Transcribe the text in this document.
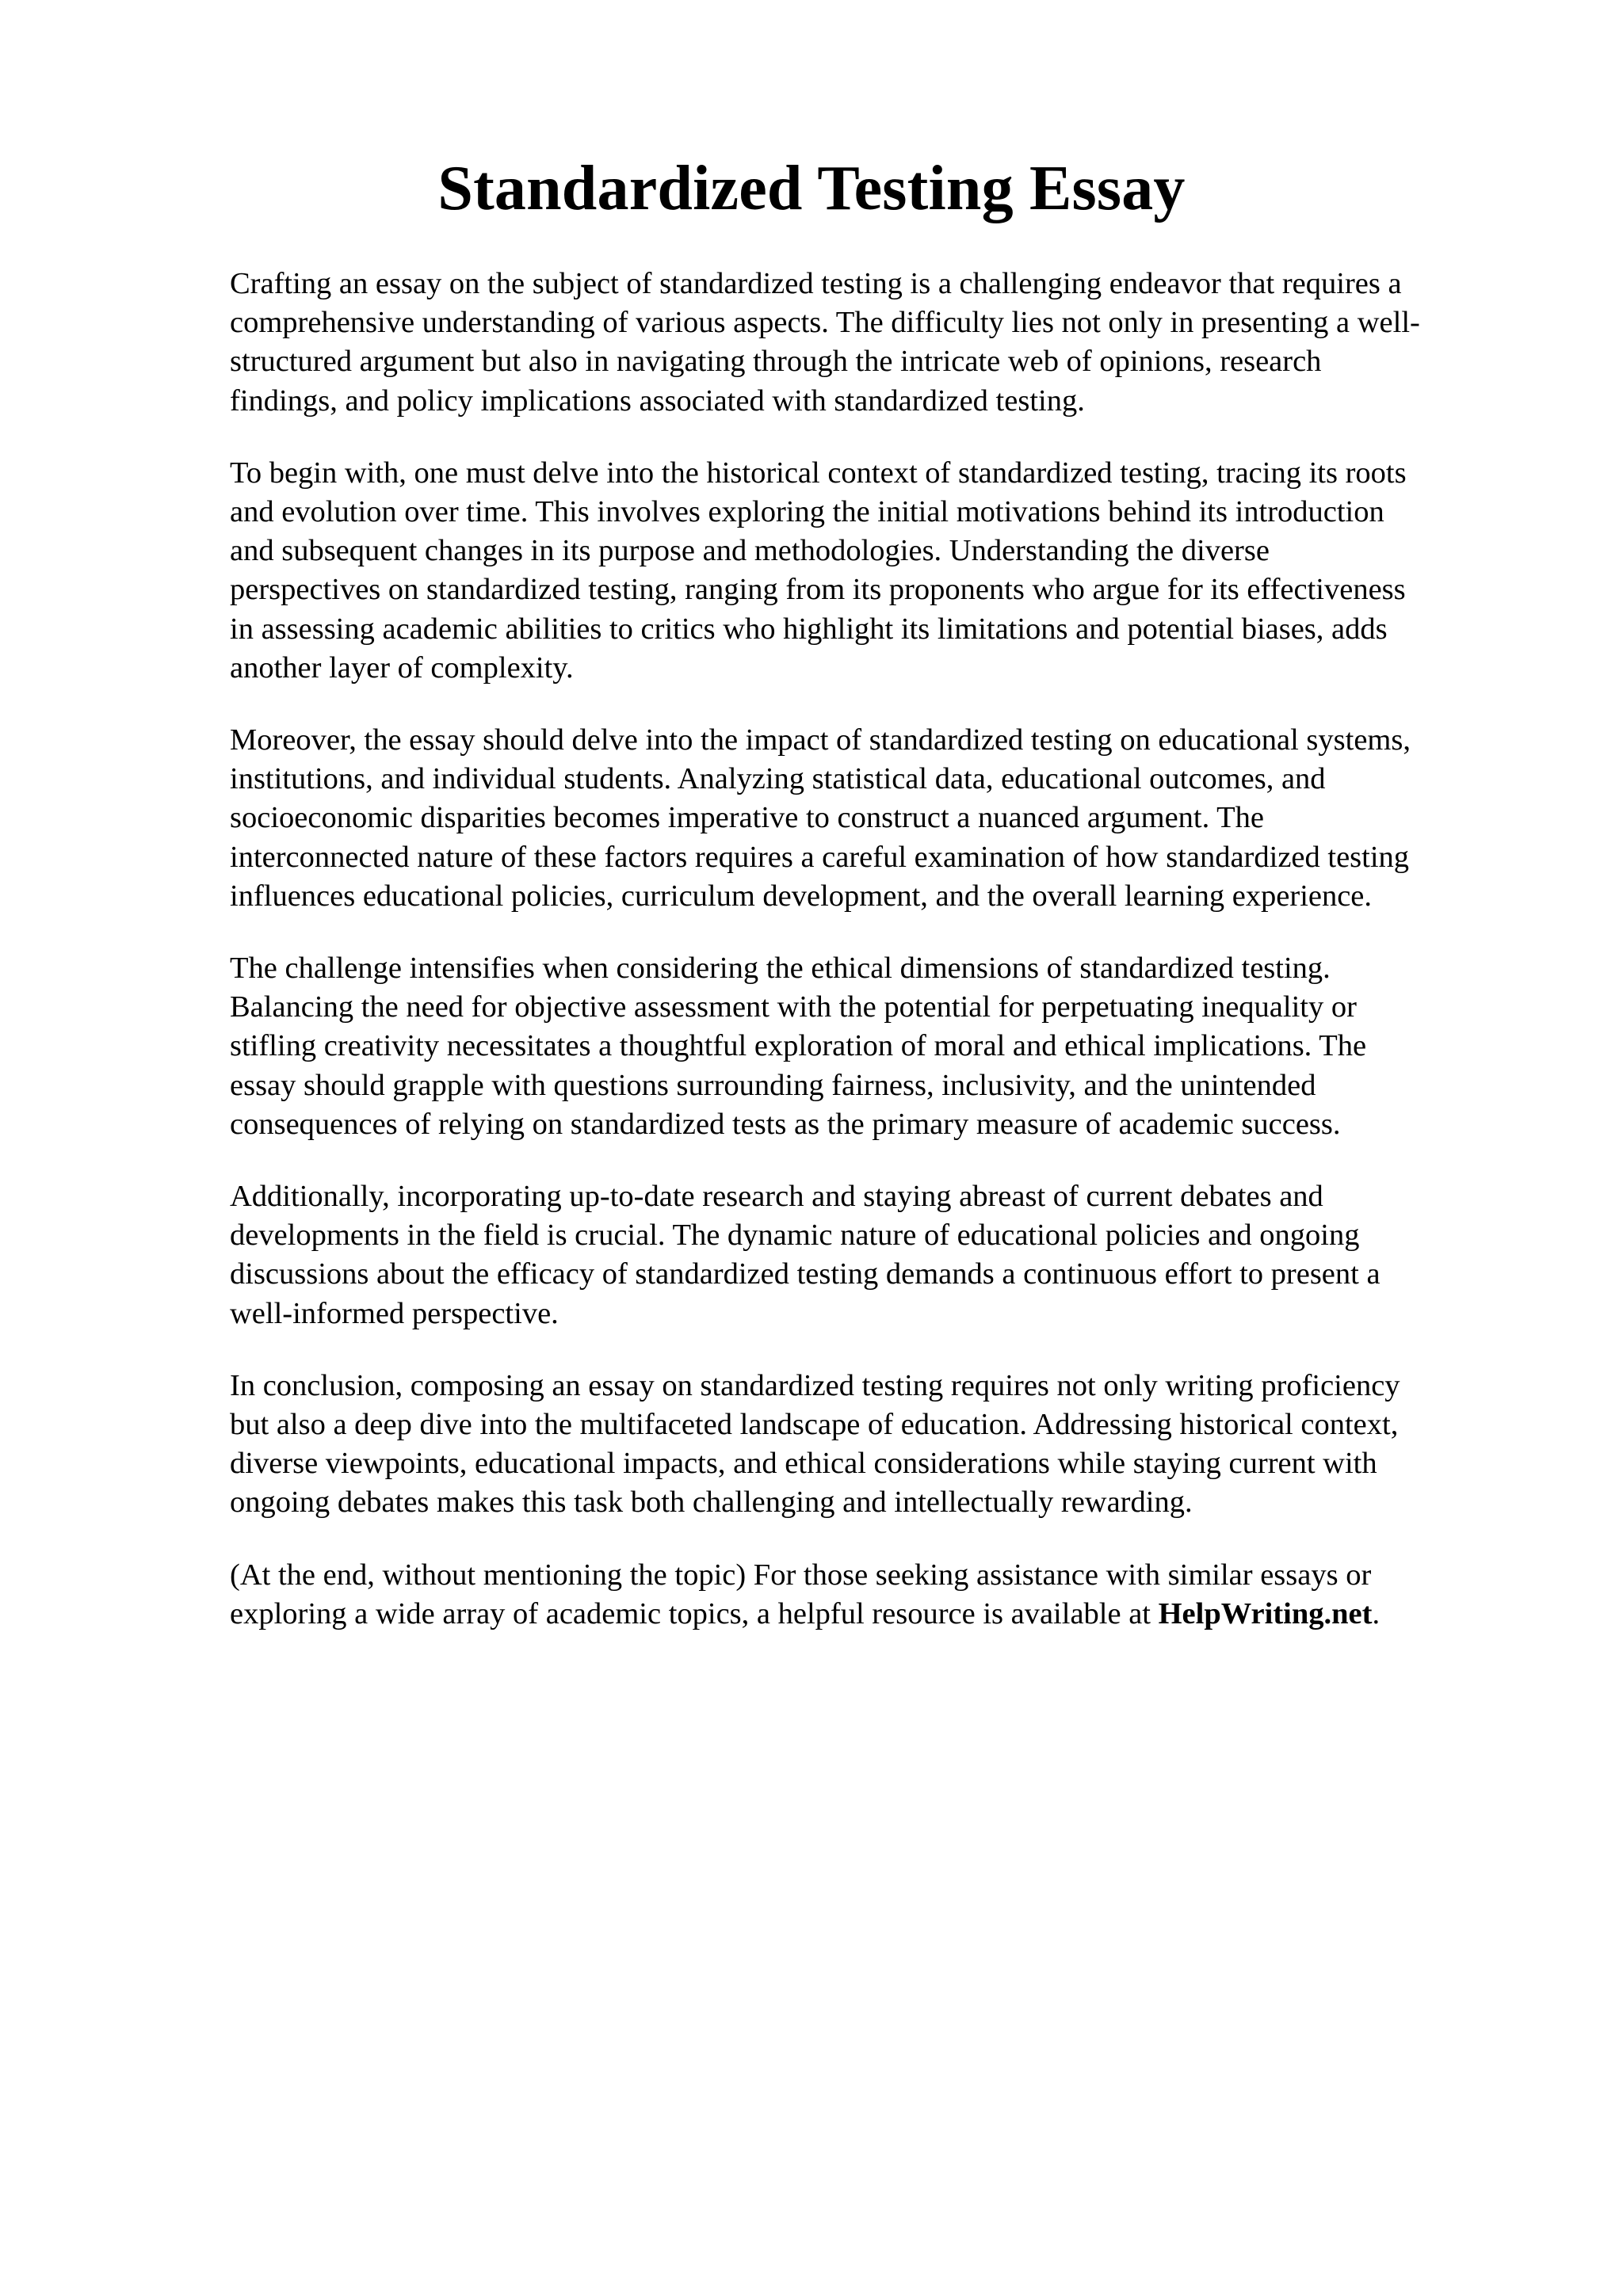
Standardized Testing Essay

Crafting an essay on the subject of standardized testing is a challenging endeavor that requires a
comprehensive understanding of various aspects. The difficulty lies not only in presenting a well-
structured argument but also in navigating through the intricate web of opinions, research
findings, and policy implications associated with standardized testing.

To begin with, one must delve into the historical context of standardized testing, tracing its roots
and evolution over time. This involves exploring the initial motivations behind its introduction
and subsequent changes in its purpose and methodologies. Understanding the diverse
perspectives on standardized testing, ranging from its proponents who argue for its effectiveness
in assessing academic abilities to critics who highlight its limitations and potential biases, adds
another layer of complexity.

Moreover, the essay should delve into the impact of standardized testing on educational systems,
institutions, and individual students. Analyzing statistical data, educational outcomes, and
socioeconomic disparities becomes imperative to construct a nuanced argument. The
interconnected nature of these factors requires a careful examination of how standardized testing
influences educational policies, curriculum development, and the overall learning experience.

The challenge intensifies when considering the ethical dimensions of standardized testing.
Balancing the need for objective assessment with the potential for perpetuating inequality or
stifling creativity necessitates a thoughtful exploration of moral and ethical implications. The
essay should grapple with questions surrounding fairness, inclusivity, and the unintended
consequences of relying on standardized tests as the primary measure of academic success.

Additionally, incorporating up-to-date research and staying abreast of current debates and
developments in the field is crucial. The dynamic nature of educational policies and ongoing
discussions about the efficacy of standardized testing demands a continuous effort to present a
well-informed perspective.

In conclusion, composing an essay on standardized testing requires not only writing proficiency
but also a deep dive into the multifaceted landscape of education. Addressing historical context,
diverse viewpoints, educational impacts, and ethical considerations while staying current with
ongoing debates makes this task both challenging and intellectually rewarding.

(At the end, without mentioning the topic) For those seeking assistance with similar essays or
exploring a wide array of academic topics, a helpful resource is available at HelpWriting.net.
